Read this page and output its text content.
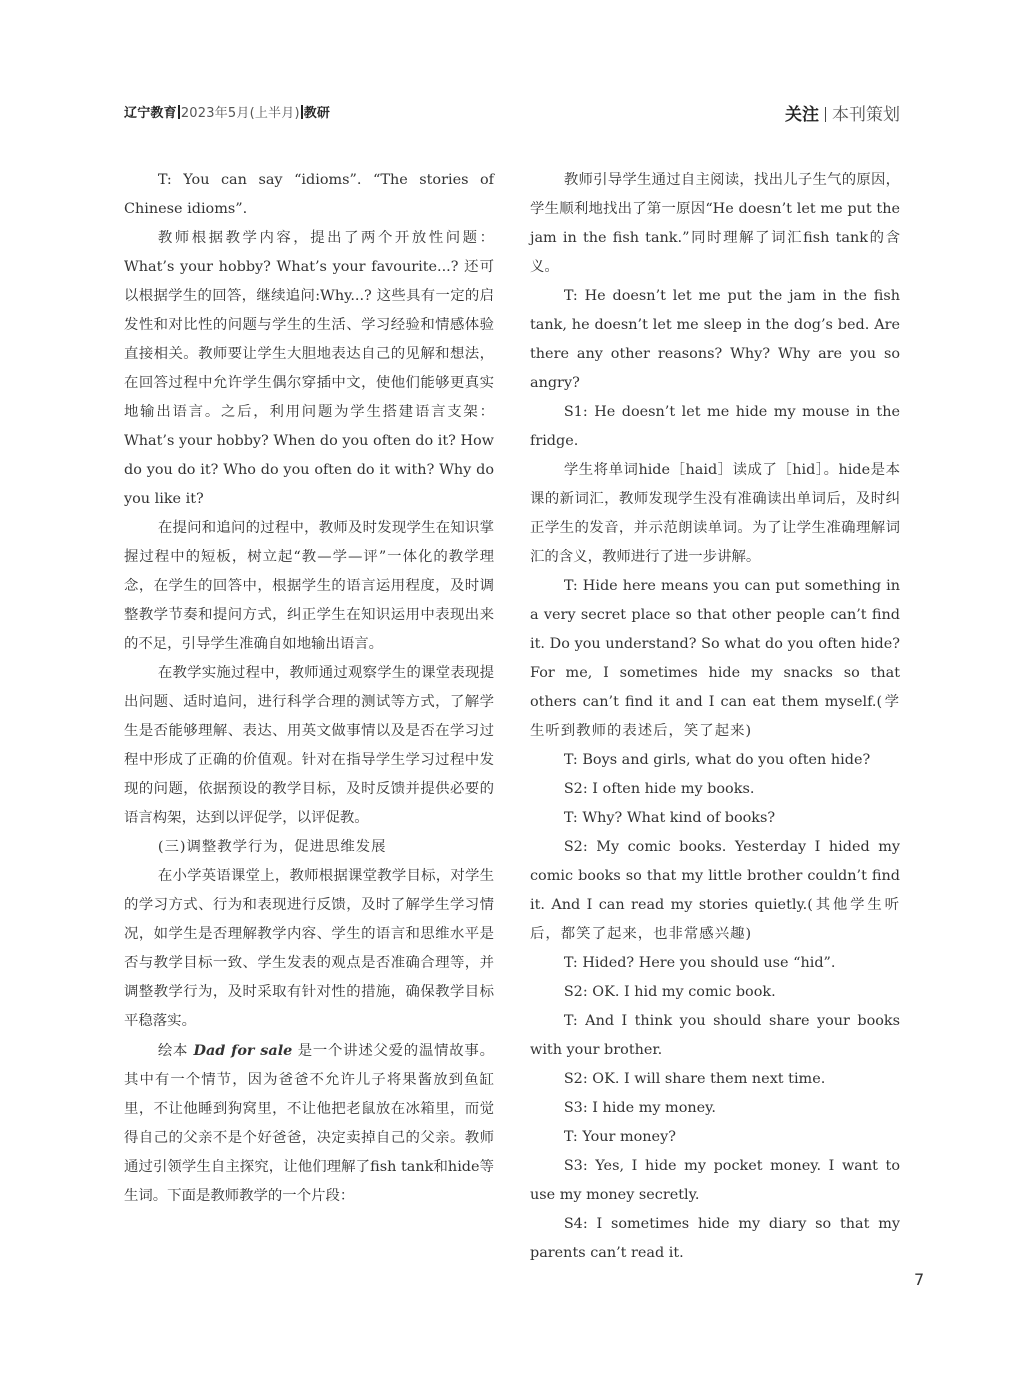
辽宁教育 2023年5月(上半月) 教研	关注 本刊策划

T: You can say “idioms”. “The stories of Chinese idioms”.

教师根据教学内容，提出了两个开放性问题：What’s your hobby? What’s your favourite...? 还可以根据学生的回答，继续追问:Why...? 这些具有一定的启发性和对比性的问题与学生的生活、学习经验和情感体验直接相关。教师要让学生大胆地表达自己的见解和想法，在回答过程中允许学生偶尔穿插中文，使他们能够更真实地输出语言。之后，利用问题为学生搭建语言支架：What’s your hobby? When do you often do it? How do you do it? Who do you often do it with? Why do you like it?

在提问和追问的过程中，教师及时发现学生在知识掌握过程中的短板，树立起“教—学—评”一体化的教学理念，在学生的回答中，根据学生的语言运用程度，及时调整教学节奏和提问方式，纠正学生在知识运用中表现出来的不足，引导学生准确自如地输出语言。

在教学实施过程中，教师通过观察学生的课堂表现提出问题、适时追问，进行科学合理的测试等方式，了解学生是否能够理解、表达、用英文做事情以及是否在学习过程中形成了正确的价值观。针对在指导学生学习过程中发现的问题，依据预设的教学目标，及时反馈并提供必要的语言构架，达到以评促学，以评促教。

(三)调整教学行为，促进思维发展

在小学英语课堂上，教师根据课堂教学目标，对学生的学习方式、行为和表现进行反馈，及时了解学生学习情况，如学生是否理解教学内容、学生的语言和思维水平是否与教学目标一致、学生发表的观点是否准确合理等，并调整教学行为，及时采取有针对性的措施，确保教学目标平稳落实。

绘本 Dad for sale 是一个讲述父爱的温情故事。其中有一个情节，因为爸爸不允许儿子将果酱放到鱼缸里，不让他睡到狗窝里，不让他把老鼠放在冰箱里，而觉得自己的父亲不是个好爸爸，决定卖掉自己的父亲。教师通过引领学生自主探究，让他们理解了fish tank和hide等生词。下面是教师教学的一个片段：

教师引导学生通过自主阅读，找出儿子生气的原因，学生顺利地找出了第一原因“He doesn’t let me put the jam in the fish tank.”同时理解了词汇fish tank的含义。

T: He doesn’t let me put the jam in the fish tank, he doesn’t let me sleep in the dog’s bed. Are there any other reasons? Why? Why are you so angry?

S1: He doesn’t let me hide my mouse in the fridge.

学生将单词hide［haid］读成了［hid］。hide是本课的新词汇，教师发现学生没有准确读出单词后，及时纠正学生的发音，并示范朗读单词。为了让学生准确理解词汇的含义，教师进行了进一步讲解。

T: Hide here means you can put something in a very secret place so that other people can’t find it. Do you understand? So what do you often hide? For me, I sometimes hide my snacks so that others can’t find it and I can eat them myself.(学生听到教师的表述后，笑了起来)

T: Boys and girls, what do you often hide?

S2: I often hide my books.

T: Why? What kind of books?

S2: My comic books. Yesterday I hided my comic books so that my little brother couldn’t find it. And I can read my stories quietly.(其他学生听后，都笑了起来，也非常感兴趣)

T: Hided? Here you should use “hid”.

S2: OK. I hid my comic book.

T: And I think you should share your books with your brother.

S2: OK. I will share them next time.

S3: I hide my money.

T: Your money?

S3: Yes, I hide my pocket money. I want to use my money secretly.

S4: I sometimes hide my diary so that my parents can’t read it.

7
